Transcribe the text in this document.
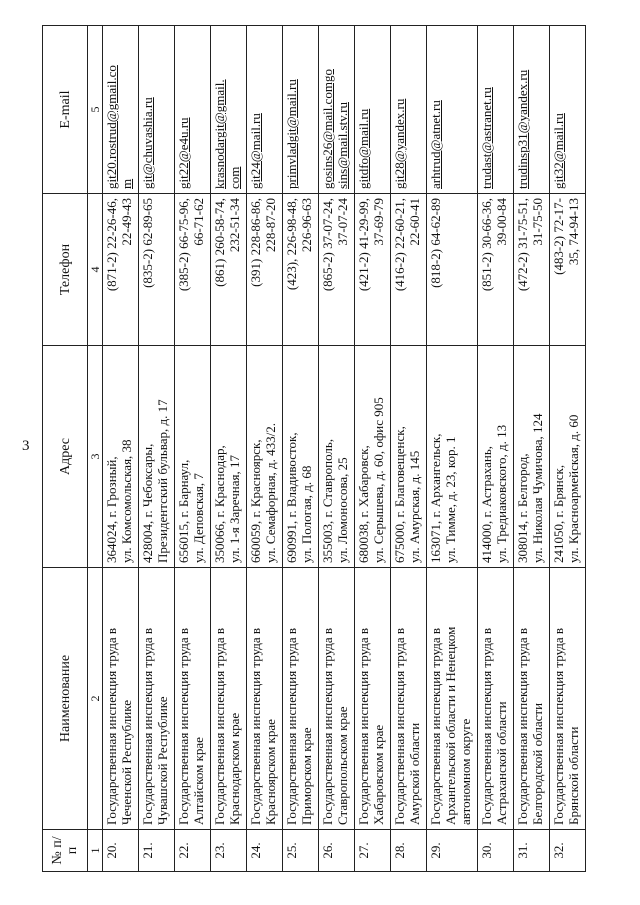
3
№ п/п	Наименование	Адрес	Телефон	E-mail
1	2	3	4	5
20.	Государственная инспекция труда в Чеченской Республике	364024, г. Грозный, ул. Комсомольская, 38	(871-2) 22-26-46, 22-49-43	git20.rostrud@gmail.co m

21.	Государственная инспекция труда в Чувашской Республике	428004, г. Чебоксары, Президентский бульвар, д. 17	(835-2) 62-89-65	git@chuvashia.ru

22.	Государственная инспекция труда в Алтайском крае	656015, г. Барнаул, ул. Деповская, 7	(385-2) 66-75-96, 66-71-62	git22@e4u.ru

23.	Государственная инспекция труда в Краснодарском крае	350066, г. Краснодар, ул. 1-я Заречная, 17	(861) 260-58-74, 232-51-34	krasnodargit@gmail. com

24.	Государственная инспекция труда в Красноярском крае	660059, г. Красноярск, ул. Семафорная, д. 433/2.	(391) 228-86-86, 228-87-20	git24@mail.ru

25.	Государственная инспекция труда в Приморском крае	690991, г. Владивосток, ул. Пологая, д. 68	(423), 226-98-48, 226-96-63	primvladgit@mail.ru

26.	Государственная инспекция труда в Ставропольском крае	355003, г. Ставрополь, ул. Ломоносова, 25	(865-2) 37-07-24, 37-07-24	gosins26@mail.comgo sins@mail.stv.ru

27.	Государственная инспекция труда в Хабаровском крае	680038, г. Хабаровск, ул. Серышева, д. 60, офис 905	(421-2) 41-29-99, 37-69-79	gitdfo@mail.ru

28.	Государственная инспекция труда в Амурской области	675000, г. Благовещенск, ул. Амурская, д. 145	(416-2) 22-60-21, 22-60-41	git28@yandex.ru

29.	Государственная инспекция труда в Архангельской области и Ненецком автономном округе	163071, г. Архангельск, ул. Тимме, д. 23, кор. 1	(818-2) 64-62-89	arhtrud@atnet.ru

30.	Государственная инспекция труда в Астраханской области	414000, г. Астрахань, ул. Тредиаковского, д. 13	(851-2) 30-66-36, 39-00-84	trudast@astranet.ru

31.	Государственная инспекция труда в Белгородской области	308014, г. Белгород, ул. Николая Чумичова, 124	(472-2) 31-75-51, 31-75-50	trudinsp31@yandex.ru

32.	Государственная инспекция труда в Брянской области	241050, г. Брянск, ул. Красноармейская, д. 60	(483-2) 72-17- 35, 74-94-13	git32@mail.ru
